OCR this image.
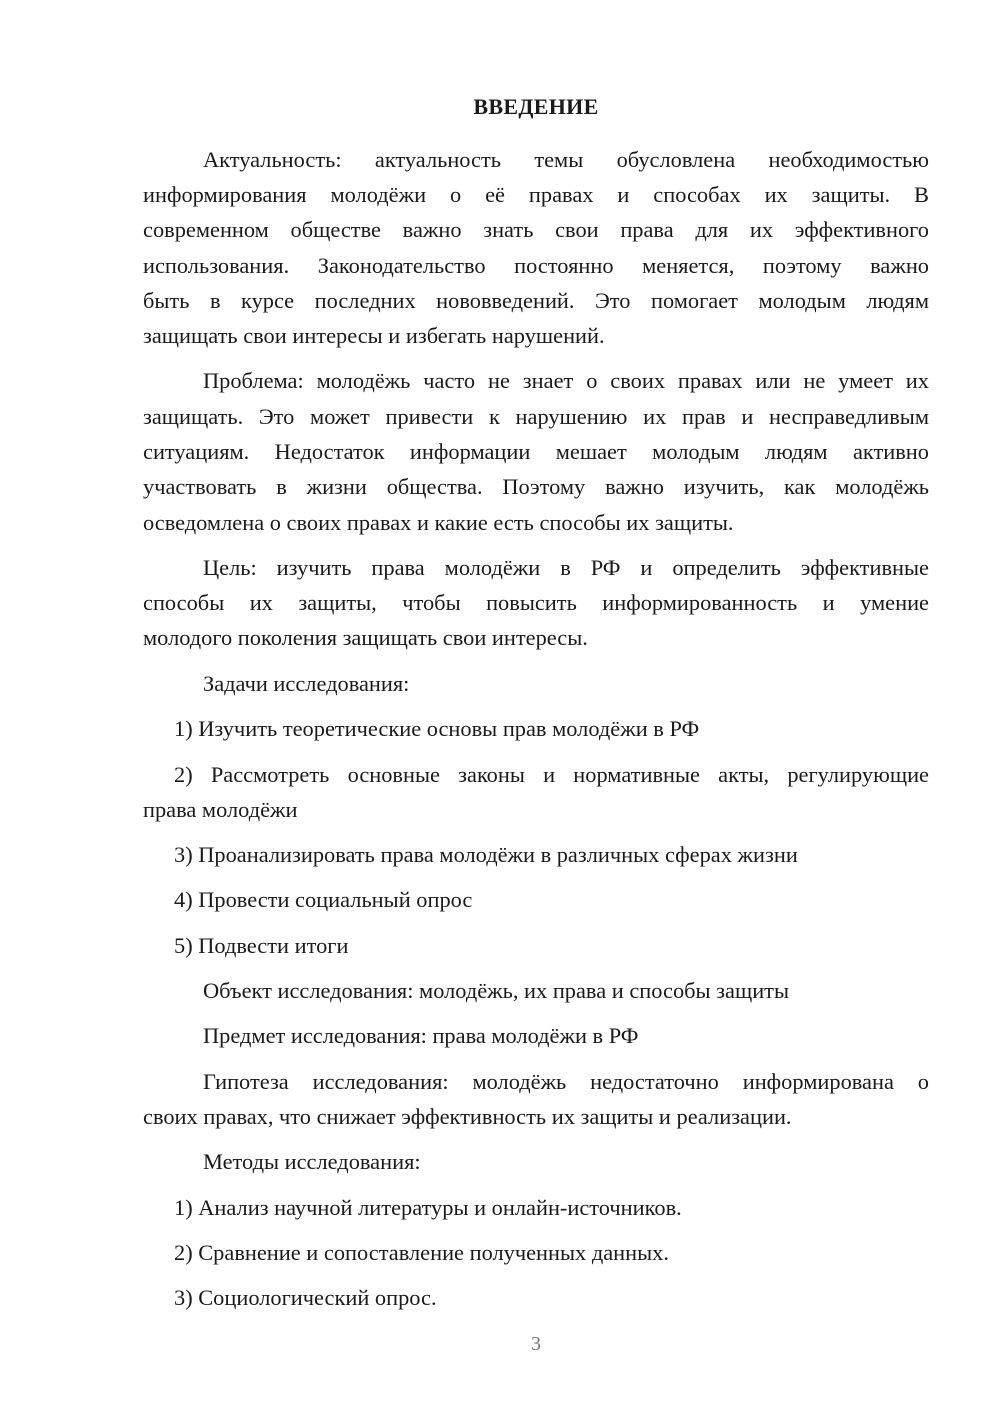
ВВЕДЕНИЕ
Актуальность: актуальность темы обусловлена необходимостью
информирования молодёжи о её правах и способах их защиты. В
современном обществе важно знать свои права для их эффективного
использования. Законодательство постоянно меняется, поэтому важно
быть в курсе последних нововведений. Это помогает молодым людям
защищать свои интересы и избегать нарушений.
Проблема: молодёжь часто не знает о своих правах или не умеет их
защищать. Это может привести к нарушению их прав и несправедливым
ситуациям. Недостаток информации мешает молодым людям активно
участвовать в жизни общества. Поэтому важно изучить, как молодёжь
осведомлена о своих правах и какие есть способы их защиты.
Цель: изучить права молодёжи в РФ и определить эффективные
способы их защиты, чтобы повысить информированность и умение
молодого поколения защищать свои интересы.
Задачи исследования:
1) Изучить теоретические основы прав молодёжи в РФ
2) Рассмотреть основные законы и нормативные акты, регулирующие
права молодёжи
3) Проанализировать права молодёжи в различных сферах жизни
4) Провести социальный опрос
5) Подвести итоги
Объект исследования: молодёжь, их права и способы защиты
Предмет исследования: права молодёжи в РФ
Гипотеза исследования: молодёжь недостаточно информирована о
своих правах, что снижает эффективность их защиты и реализации.
Методы исследования:
1) Анализ научной литературы и онлайн-источников.
2) Сравнение и сопоставление полученных данных.
3) Социологический опрос.
3
